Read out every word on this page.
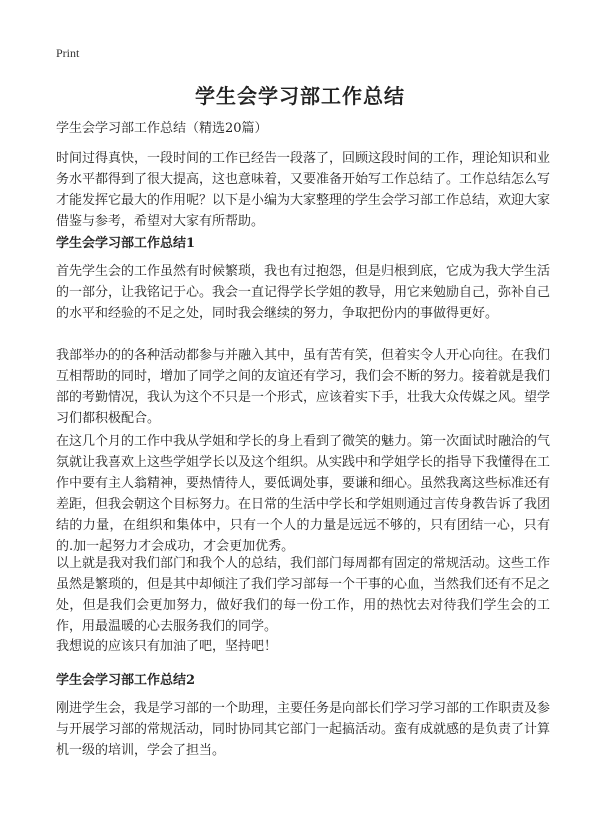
Print
学生会学习部工作总结

学生会学习部工作总结（精选20篇）

时间过得真快，一段时间的工作已经告一段落了，回顾这段时间的工作，理论知识和业务水平都得到了很大提高，这也意味着，又要准备开始写工作总结了。工作总结怎么写才能发挥它最大的作用呢？以下是小编为大家整理的学生会学习部工作总结，欢迎大家借鉴与参考，希望对大家有所帮助。

学生会学习部工作总结1

首先学生会的工作虽然有时候繁琐，我也有过抱怨，但是归根到底，它成为我大学生活的一部分，让我铭记于心。我会一直记得学长学姐的教导，用它来勉励自己，弥补自己的水平和经验的不足之处，同时我会继续的努力，争取把份内的事做得更好。

我部举办的的各种活动都参与并融入其中，虽有苦有笑，但着实令人开心向往。在我们互相帮助的同时，增加了同学之间的友谊还有学习，我们会不断的努力。接着就是我们部的考勤情况，我认为这个不只是一个形式，应该着实下手，壮我大众传媒之风。望学习们都积极配合。

在这几个月的工作中我从学姐和学长的身上看到了微笑的魅力。第一次面试时融洽的气氛就让我喜欢上这些学姐学长以及这个组织。从实践中和学姐学长的指导下我懂得在工作中要有主人翁精神，要热情待人，要低调处事，要谦和细心。虽然我离这些标准还有差距，但我会朝这个目标努力。在日常的生活中学长和学姐则通过言传身教告诉了我团结的力量，在组织和集体中，只有一个人的力量是远远不够的，只有团结一心，只有的.加一起努力才会成功，才会更加优秀。

以上就是我对我们部门和我个人的总结，我们部门每周都有固定的常规活动。这些工作虽然是繁琐的，但是其中却倾注了我们学习部每一个干事的心血，当然我们还有不足之处，但是我们会更加努力，做好我们的每一份工作，用的热忱去对待我们学生会的工作，用最温暖的心去服务我们的同学。

我想说的应该只有加油了吧，坚持吧！

学生会学习部工作总结2

刚进学生会，我是学习部的一个助理，主要任务是向部长们学习学习部的工作职责及参与开展学习部的常规活动，同时协同其它部门一起搞活动。蛮有成就感的是负责了计算机一级的培训，学会了担当。
